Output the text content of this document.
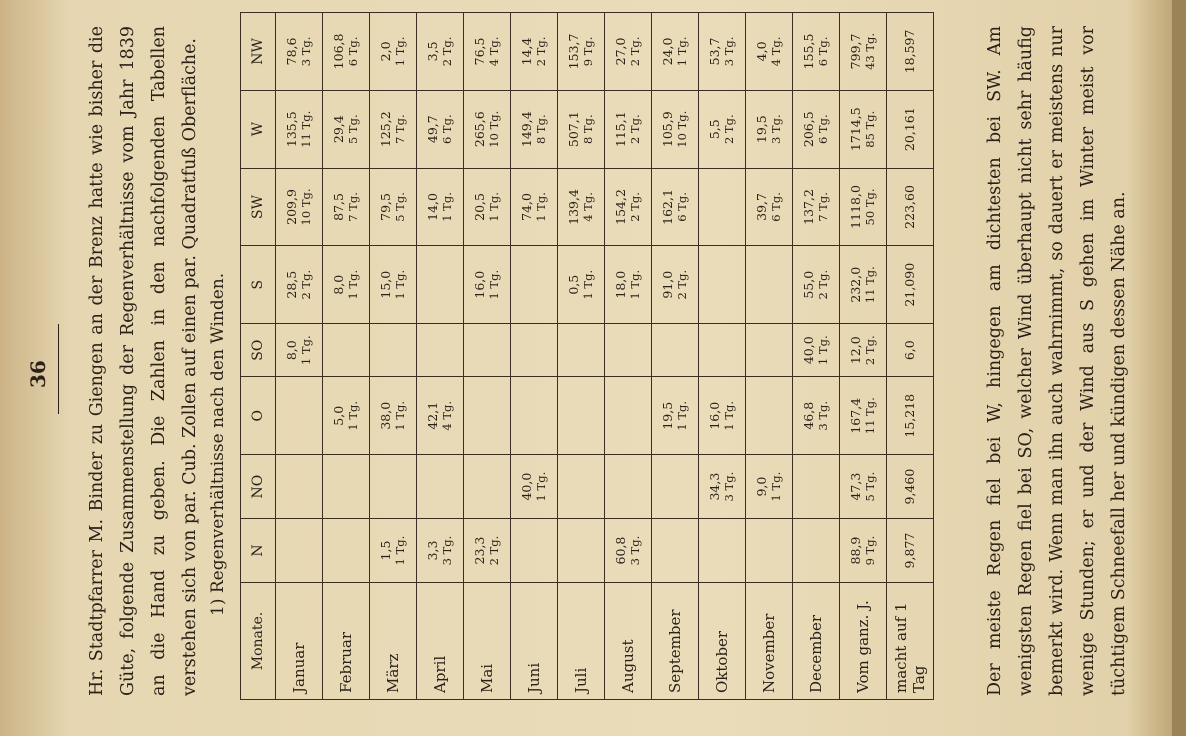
36 Hr. Stadtpfarrer M. Binder zu Giengen an der Brenz hatte wie bisher die Güte, folgende Zusammenstellung der Regenverhältnisse vom Jahr 1839 an die Hand zu geben. Die Zahlen in den nachfolgenden Tabellen verstehen sich von par. Cub. Zollen auf einen par. Quadratfuß Oberfläche. 1) Regenverhältnisse nach den Winden.
Monate.	N	NO	O	SO	S	SW	W	NW
Januar				8,0 1 Tg.	28,5 2 Tg.	209,9 10 Tg.	135,5 11 Tg.	78,6 3 Tg.

Februar			5,0 1 Tg.		8,0 1 Tg.	87,5 7 Tg.	29,4 5 Tg.	106,8 6 Tg.

März	1,5 1 Tg.		38,0 1 Tg.		15,0 1 Tg.	79,5 5 Tg.	125,2 7 Tg.	2,0 1 Tg.

April	3,3 3 Tg.		42,1 4 Tg.			14,0 1 Tg.	49,7 6 Tg.	3,5 2 Tg.

Mai	23,3 2 Tg.				16,0 1 Tg.	20,5 1 Tg.	265,6 10 Tg.	76,5 4 Tg.

Juni		40,0 1 Tg.				74,0 1 Tg.	149,4 8 Tg.	14,4 2 Tg.

Juli					0,5 1 Tg.	139,4 4 Tg.	507,1 8 Tg.	153,7 9 Tg.

August	60,8 3 Tg.				18,0 1 Tg.	154,2 2 Tg.	115,1 2 Tg.	27,0 2 Tg.

September			19,5 1 Tg.		91,0 2 Tg.	162,1 6 Tg.	105,9 10 Tg.	24,0 1 Tg.

Oktober		34,3 3 Tg.	16,0 1 Tg.				5,5 2 Tg.	53,7 3 Tg.

November		9,0 1 Tg.				39,7 6 Tg.	19,5 3 Tg.	4,0 4 Tg.

December			46,8 3 Tg.	40,0 1 Tg.	55,0 2 Tg.	137,2 7 Tg.	206,5 6 Tg.	155,5 6 Tg.

Vom ganz. J.	88,9 9 Tg.	47,3 5 Tg.	167,4 11 Tg.	12,0 2 Tg.	232,0 11 Tg.	1118,0 50 Tg.	1714,5 85 Tg.	799,7 43 Tg.

macht auf 1 Tag	9,877	9,460	15,218	6,0	21,090	223,60	20,161	18,597	Der meiste Regen fiel bei W, hingegen am dichtesten bei SW. Am wenigsten Regen fiel bei SO, welcher Wind überhaupt nicht sehr häufig bemerkt wird. Wenn man ihn auch wahrnimmt, so dauert er meistens nur wenige Stunden; er und der Wind aus S gehen im Winter meist vor tüchtigem Schneefall her und kündigen dessen Nähe an.
